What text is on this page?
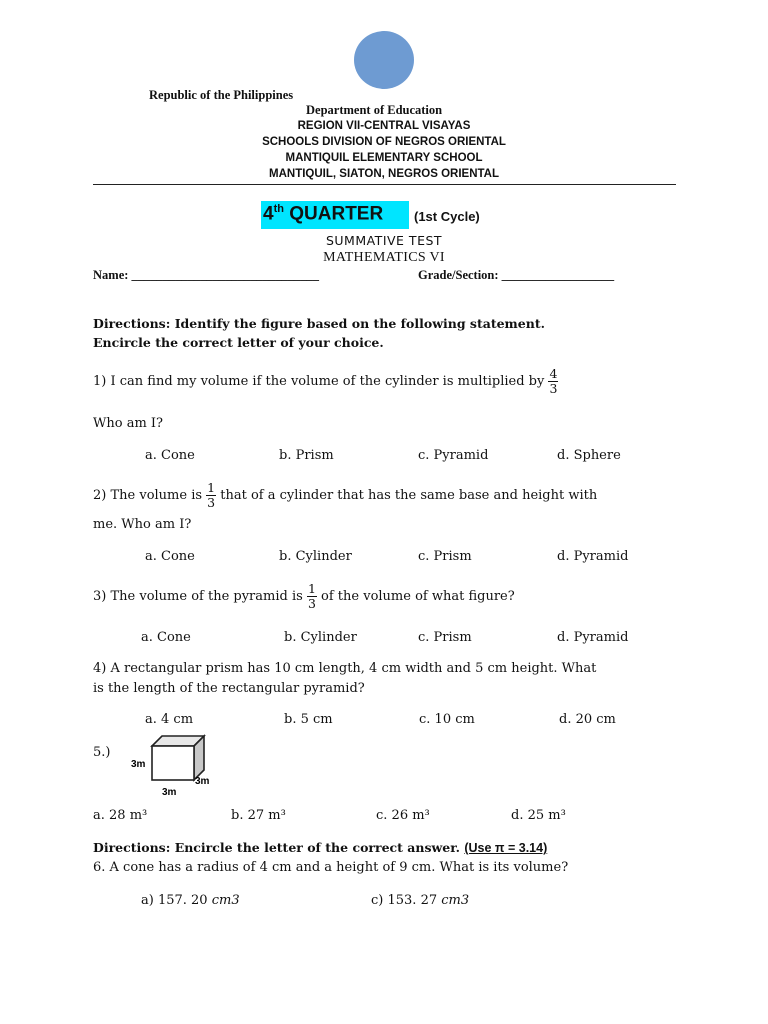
Republic of the Philippines
Department of Education
REGION VII-CENTRAL VISAYAS
SCHOOLS DIVISION OF NEGROS ORIENTAL
MANTIQUIL ELEMENTARY SCHOOL
MANTIQUIL, SIATON, NEGROS ORIENTAL
4th QUARTER (1st Cycle)
SUMMATIVE TEST
MATHEMATICS VI
Name: ______________________________	Grade/Section: __________________
Directions: Identify the figure based on the following statement.
Encircle the correct letter of your choice.
1) I can find my volume if the volume of the cylinder is multiplied by $\frac{4}{3}$
Who am I?
a. Cone	b. Prism	c. Pyramid	d. Sphere
2) The volume is $\frac{1}{3}$ that of a cylinder that has the same base and height with
me. Who am I?
a. Cone	b. Cylinder	c. Prism	d. Pyramid
3) The volume of the pyramid is $\frac{1}{3}$ of the volume of what figure?
a. Cone	b. Cylinder	c. Prism	d. Pyramid
4) A rectangular prism has 10 cm length, 4 cm width and 5 cm height. What
is the length of the rectangular pyramid?
a. 4 cm	b. 5 cm	c. 10 cm	d. 20 cm
5.)
3m
3m
3m
a. 28 m³	b. 27 m³	c. 26 m³	d. 25 m³
Directions: Encircle the letter of the correct answer. (Use π = 3.14)
6. A cone has a radius of 4 cm and a height of 9 cm. What is its volume?
a) 157. 20 cm3	c) 153. 27 cm3
